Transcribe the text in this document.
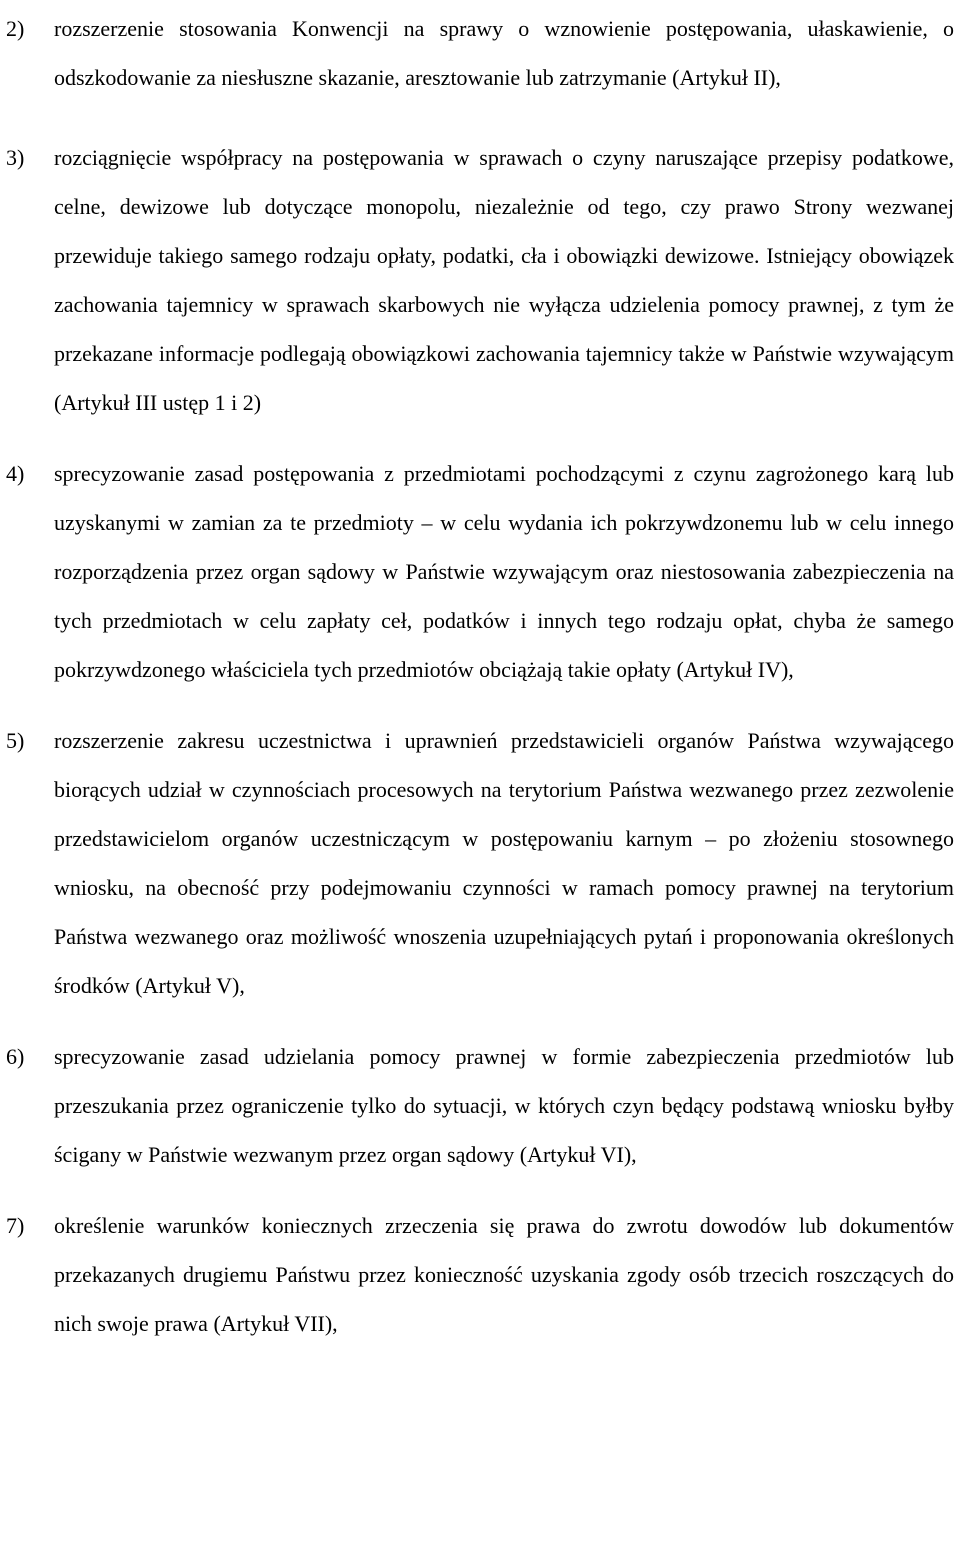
2) rozszerzenie stosowania Konwencji na sprawy o wznowienie postępowania, ułaskawienie, o odszkodowanie za niesłuszne skazanie, aresztowanie lub zatrzymanie (Artykuł II),

3) rozciągnięcie współpracy na postępowania w sprawach o czyny naruszające przepisy podatkowe, celne, dewizowe lub dotyczące monopolu, niezależnie od tego, czy prawo Strony wezwanej przewiduje takiego samego rodzaju opłaty, podatki, cła i obowiązki dewizowe. Istniejący obowiązek zachowania tajemnicy w sprawach skarbowych nie wyłącza udzielenia pomocy prawnej, z tym że przekazane informacje podlegają obowiązkowi zachowania tajemnicy także w Państwie wzywającym (Artykuł III ustęp 1 i 2)

4) sprecyzowanie zasad postępowania z przedmiotami pochodzącymi z czynu zagrożonego karą lub uzyskanymi w zamian za te przedmioty – w celu wydania ich pokrzywdzonemu lub w celu innego rozporządzenia przez organ sądowy w Państwie wzywającym oraz niestosowania zabezpieczenia na tych przedmiotach w celu zapłaty ceł, podatków i innych tego rodzaju opłat, chyba że samego pokrzywdzonego właściciela tych przedmiotów obciążają takie opłaty (Artykuł IV),

5) rozszerzenie zakresu uczestnictwa i uprawnień przedstawicieli organów Państwa wzywającego biorących udział w czynnościach procesowych na terytorium Państwa wezwanego przez zezwolenie przedstawicielom organów uczestniczącym w postępowaniu karnym – po złożeniu stosownego wniosku, na obecność przy podejmowaniu czynności w ramach pomocy prawnej na terytorium Państwa wezwanego oraz możliwość wnoszenia uzupełniających pytań i proponowania określonych środków (Artykuł V),

6) sprecyzowanie zasad udzielania pomocy prawnej w formie zabezpieczenia przedmiotów lub przeszukania przez ograniczenie tylko do sytuacji, w których czyn będący podstawą wniosku byłby ścigany w Państwie wezwanym przez organ sądowy (Artykuł VI),

7) określenie warunków koniecznych zrzeczenia się prawa do zwrotu dowodów lub dokumentów przekazanych drugiemu Państwu przez konieczność uzyskania zgody osób trzecich roszczących do nich swoje prawa (Artykuł VII),
